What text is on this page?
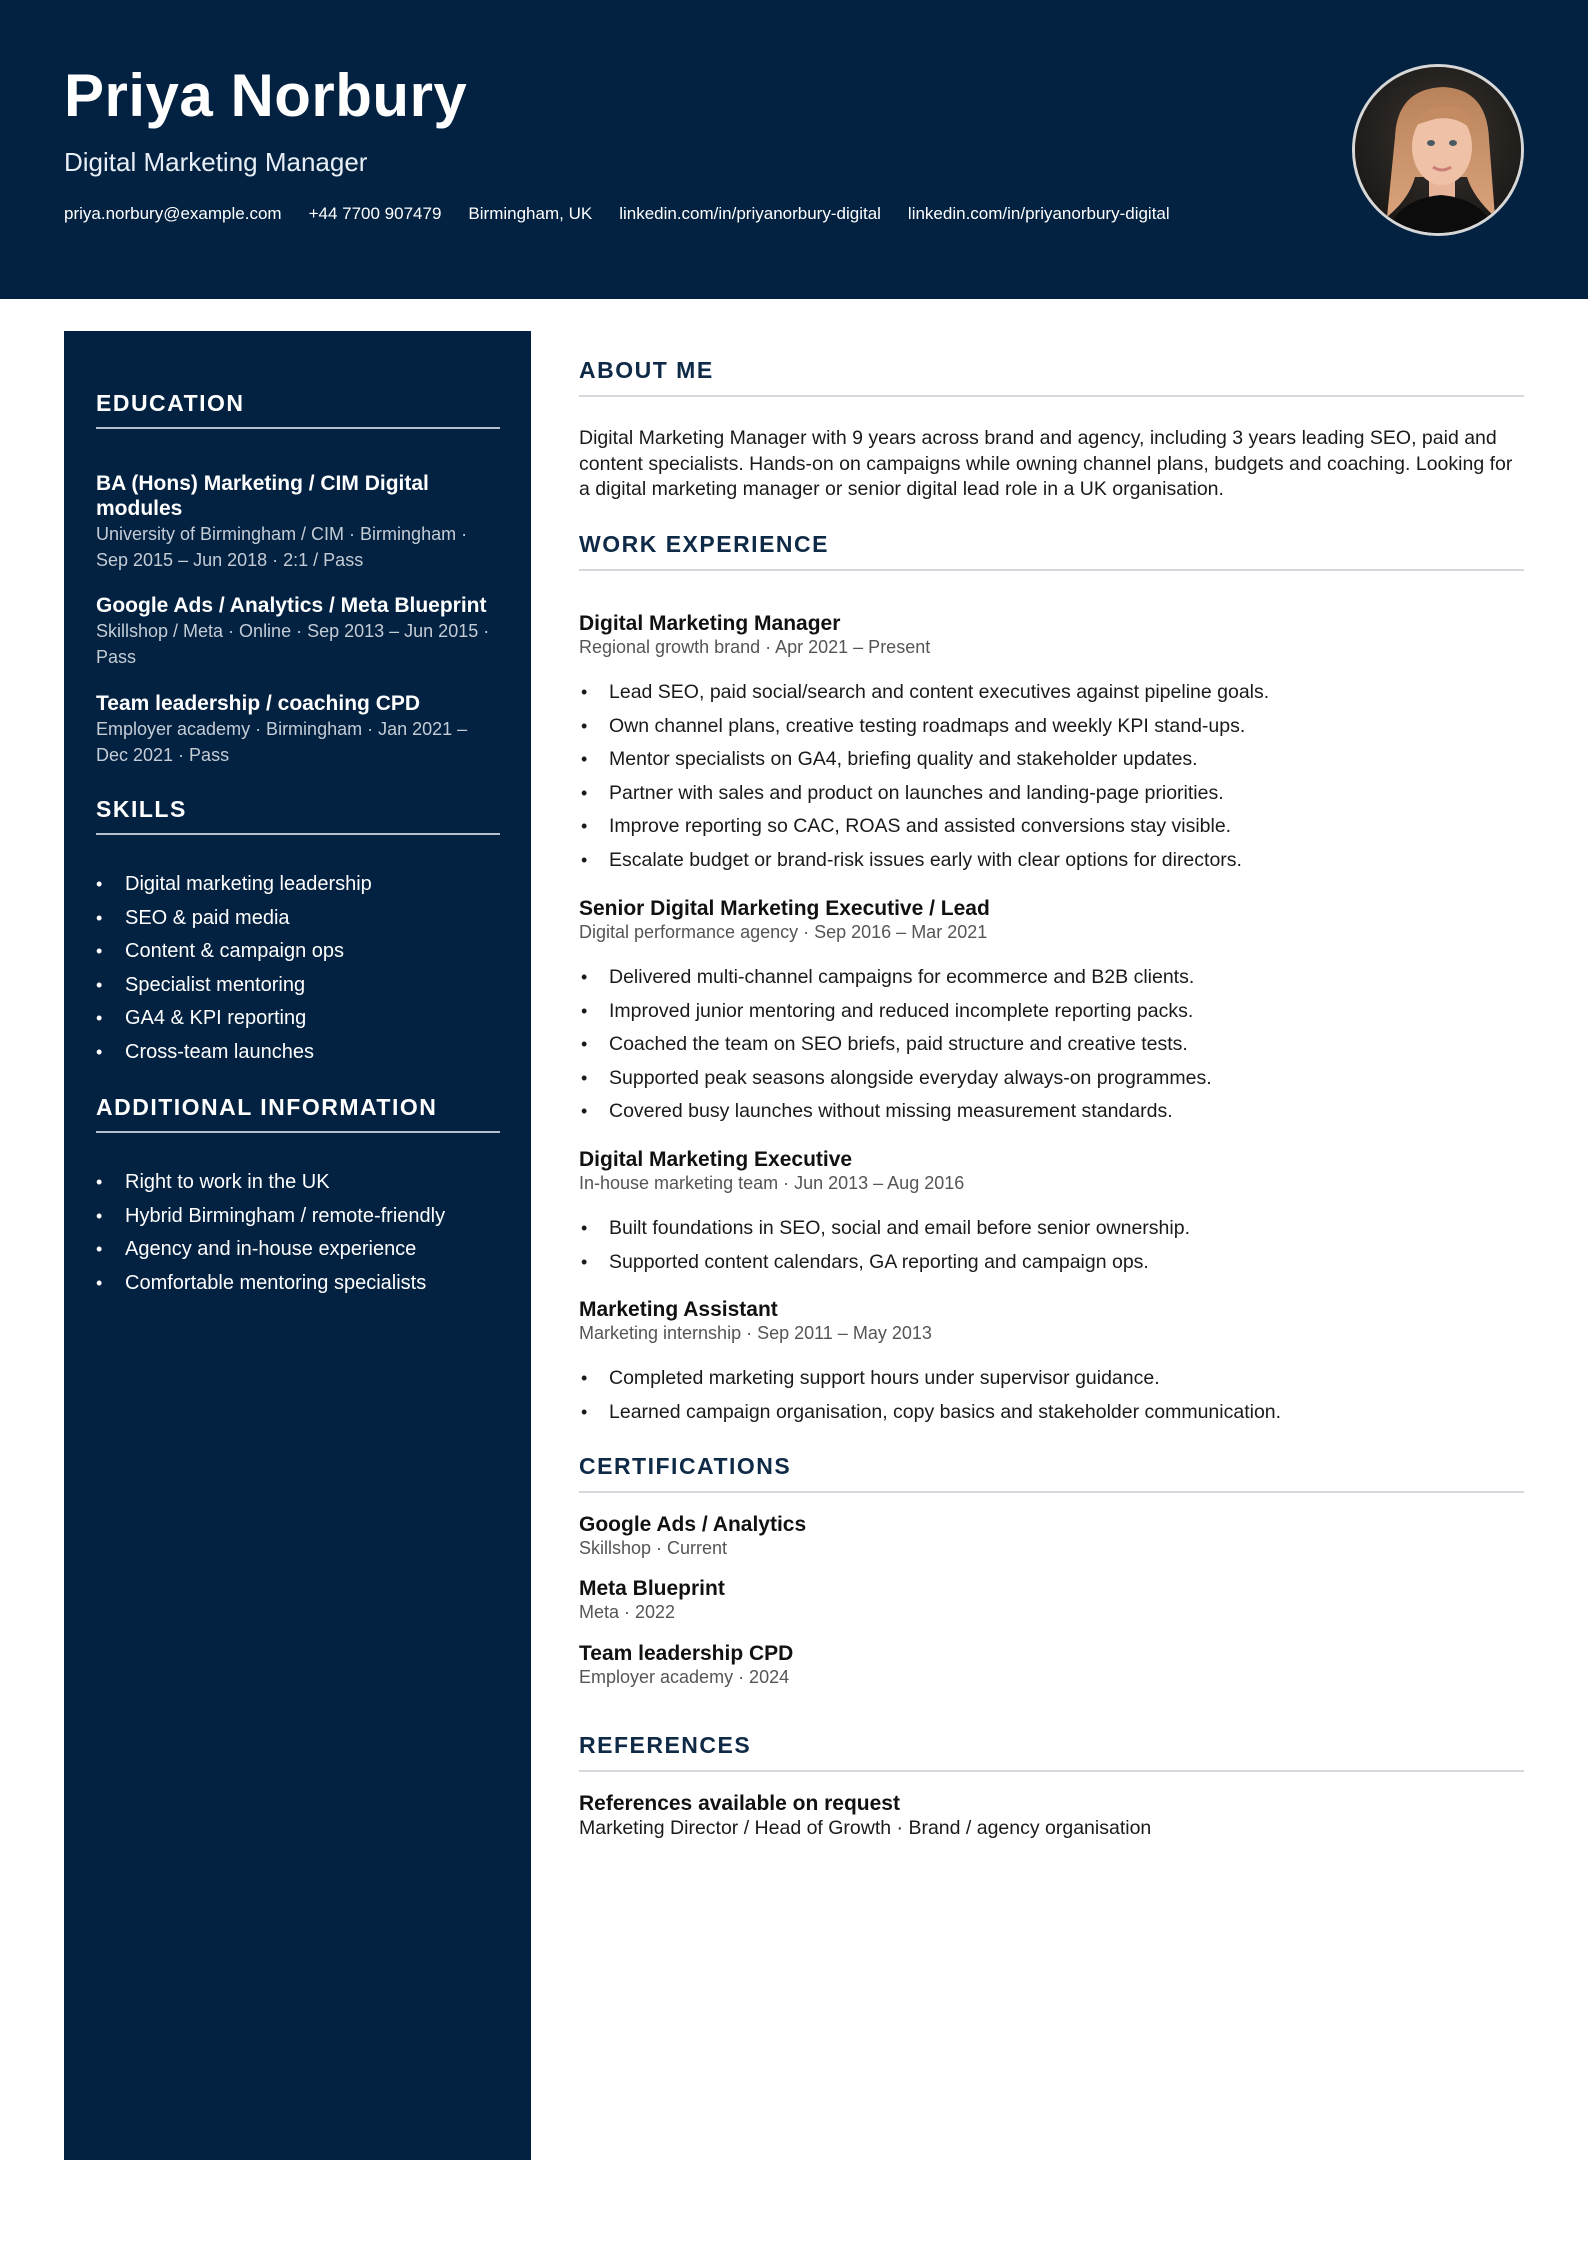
Priya Norbury
Digital Marketing Manager
priya.norbury@example.com +44 7700 907479 Birmingham, UK linkedin.com/in/priyanorbury-digital linkedin.com/in/priyanorbury-digital
EDUCATION
BA (Hons) Marketing / CIM Digital modules
University of Birmingham / CIM · Birmingham · Sep 2015 – Jun 2018 · 2:1 / Pass
Google Ads / Analytics / Meta Blueprint
Skillshop / Meta · Online · Sep 2013 – Jun 2015 · Pass
Team leadership / coaching CPD
Employer academy · Birmingham · Jan 2021 – Dec 2021 · Pass
SKILLS
• Digital marketing leadership
• SEO & paid media
• Content & campaign ops
• Specialist mentoring
• GA4 & KPI reporting
• Cross-team launches
ADDITIONAL INFORMATION
• Right to work in the UK
• Hybrid Birmingham / remote-friendly
• Agency and in-house experience
• Comfortable mentoring specialists
ABOUT ME
Digital Marketing Manager with 9 years across brand and agency, including 3 years leading SEO, paid and content specialists. Hands-on on campaigns while owning channel plans, budgets and coaching. Looking for a digital marketing manager or senior digital lead role in a UK organisation.
WORK EXPERIENCE
Digital Marketing Manager
Regional growth brand · Apr 2021 – Present
• Lead SEO, paid social/search and content executives against pipeline goals.
• Own channel plans, creative testing roadmaps and weekly KPI stand-ups.
• Mentor specialists on GA4, briefing quality and stakeholder updates.
• Partner with sales and product on launches and landing-page priorities.
• Improve reporting so CAC, ROAS and assisted conversions stay visible.
• Escalate budget or brand-risk issues early with clear options for directors.
Senior Digital Marketing Executive / Lead
Digital performance agency · Sep 2016 – Mar 2021
• Delivered multi-channel campaigns for ecommerce and B2B clients.
• Improved junior mentoring and reduced incomplete reporting packs.
• Coached the team on SEO briefs, paid structure and creative tests.
• Supported peak seasons alongside everyday always-on programmes.
• Covered busy launches without missing measurement standards.
Digital Marketing Executive
In-house marketing team · Jun 2013 – Aug 2016
• Built foundations in SEO, social and email before senior ownership.
• Supported content calendars, GA reporting and campaign ops.
Marketing Assistant
Marketing internship · Sep 2011 – May 2013
• Completed marketing support hours under supervisor guidance.
• Learned campaign organisation, copy basics and stakeholder communication.
CERTIFICATIONS
Google Ads / Analytics
Skillshop · Current
Meta Blueprint
Meta · 2022
Team leadership CPD
Employer academy · 2024
REFERENCES
References available on request
Marketing Director / Head of Growth · Brand / agency organisation
